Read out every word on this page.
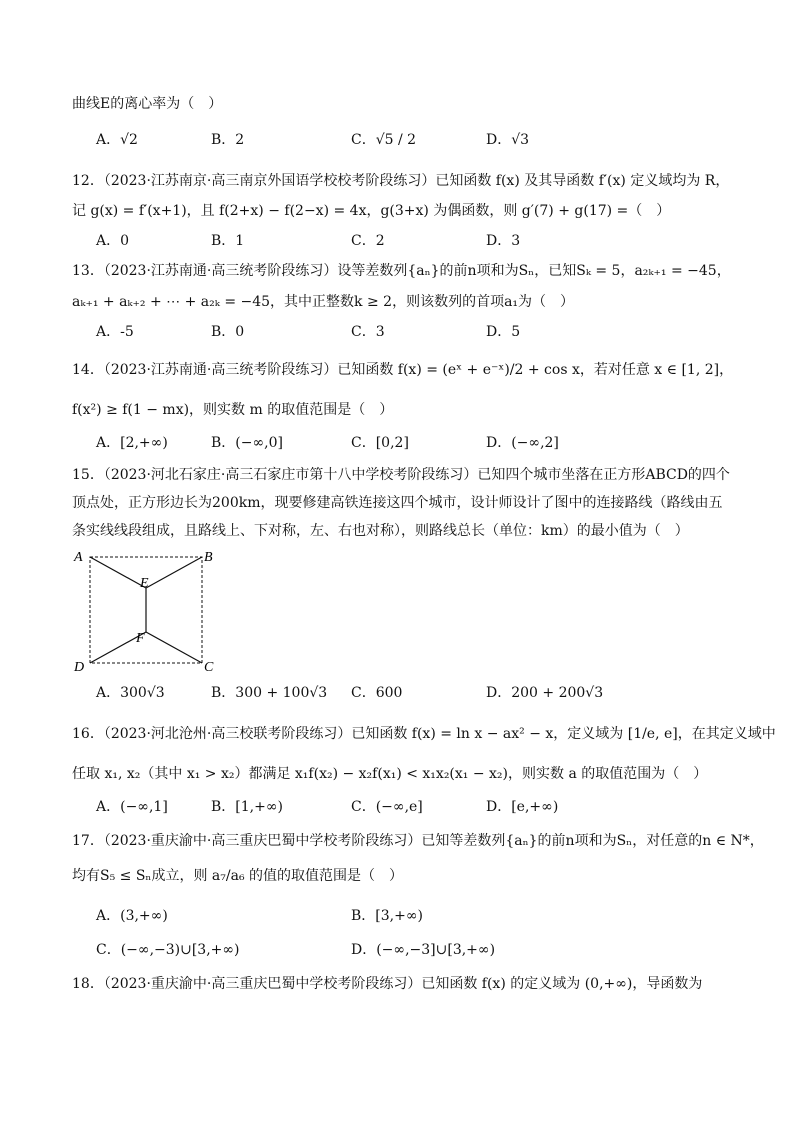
曲线E的离心率为（　）
A．√2	B．2	C．√5 / 2	D．√3
12．（2023·江苏南京·高三南京外国语学校校考阶段练习）已知函数 f(x) 及其导函数 f′(x) 定义域均为 R，
记 g(x) = f′(x+1)，且 f(2+x) − f(2−x) = 4x，g(3+x) 为偶函数，则 g′(7) + g(17) =（　）
A．0	B．1	C．2	D．3
13．（2023·江苏南通·高三统考阶段练习）设等差数列{aₙ}的前n项和为Sₙ，已知Sₖ = 5，a₂ₖ₊₁ = −45，
aₖ₊₁ + aₖ₊₂ + ⋯ + a₂ₖ = −45，其中正整数k ≥ 2，则该数列的首项a₁为（　）
A．-5	B．0	C．3	D．5
14．（2023·江苏南通·高三统考阶段练习）已知函数 f(x) = (eˣ + e⁻ˣ)/2 + cos x，若对任意 x ∈ [1, 2]，
f(x²) ≥ f(1 − mx)，则实数 m 的取值范围是（　）
A．[2,+∞)	B．(−∞,0]	C．[0,2]	D．(−∞,2]
15．（2023·河北石家庄·高三石家庄市第十八中学校考阶段练习）已知四个城市坐落在正方形ABCD的四个
顶点处，正方形边长为200km，现要修建高铁连接这四个城市，设计师设计了图中的连接路线（路线由五
条实线线段组成，且路线上、下对称，左、右也对称），则路线总长（单位：km）的最小值为（　）
A	B
C
D
E
F
A．300√3	B．300 + 100√3 C．600	D．200 + 200√3
16．（2023·河北沧州·高三校联考阶段练习）已知函数 f(x) = ln x − ax² − x，定义域为 [1/e, e]，在其定义域中
任取 x₁, x₂（其中 x₁ > x₂）都满足 x₁f(x₂) − x₂f(x₁) < x₁x₂(x₁ − x₂)，则实数 a 的取值范围为（　）
A．(−∞,1]	B．[1,+∞)	C．(−∞,e]	D．[e,+∞)
17．（2023·重庆渝中·高三重庆巴蜀中学校考阶段练习）已知等差数列{aₙ}的前n项和为Sₙ，对任意的n ∈ N*，
均有S₅ ≤ Sₙ成立，则 a₇/a₆ 的值的取值范围是（　）
A．(3,+∞)	B．[3,+∞)
C．(−∞,−3)∪[3,+∞)	D．(−∞,−3]∪[3,+∞)
18．（2023·重庆渝中·高三重庆巴蜀中学校考阶段练习）已知函数 f(x) 的定义域为 (0,+∞)，导函数为
